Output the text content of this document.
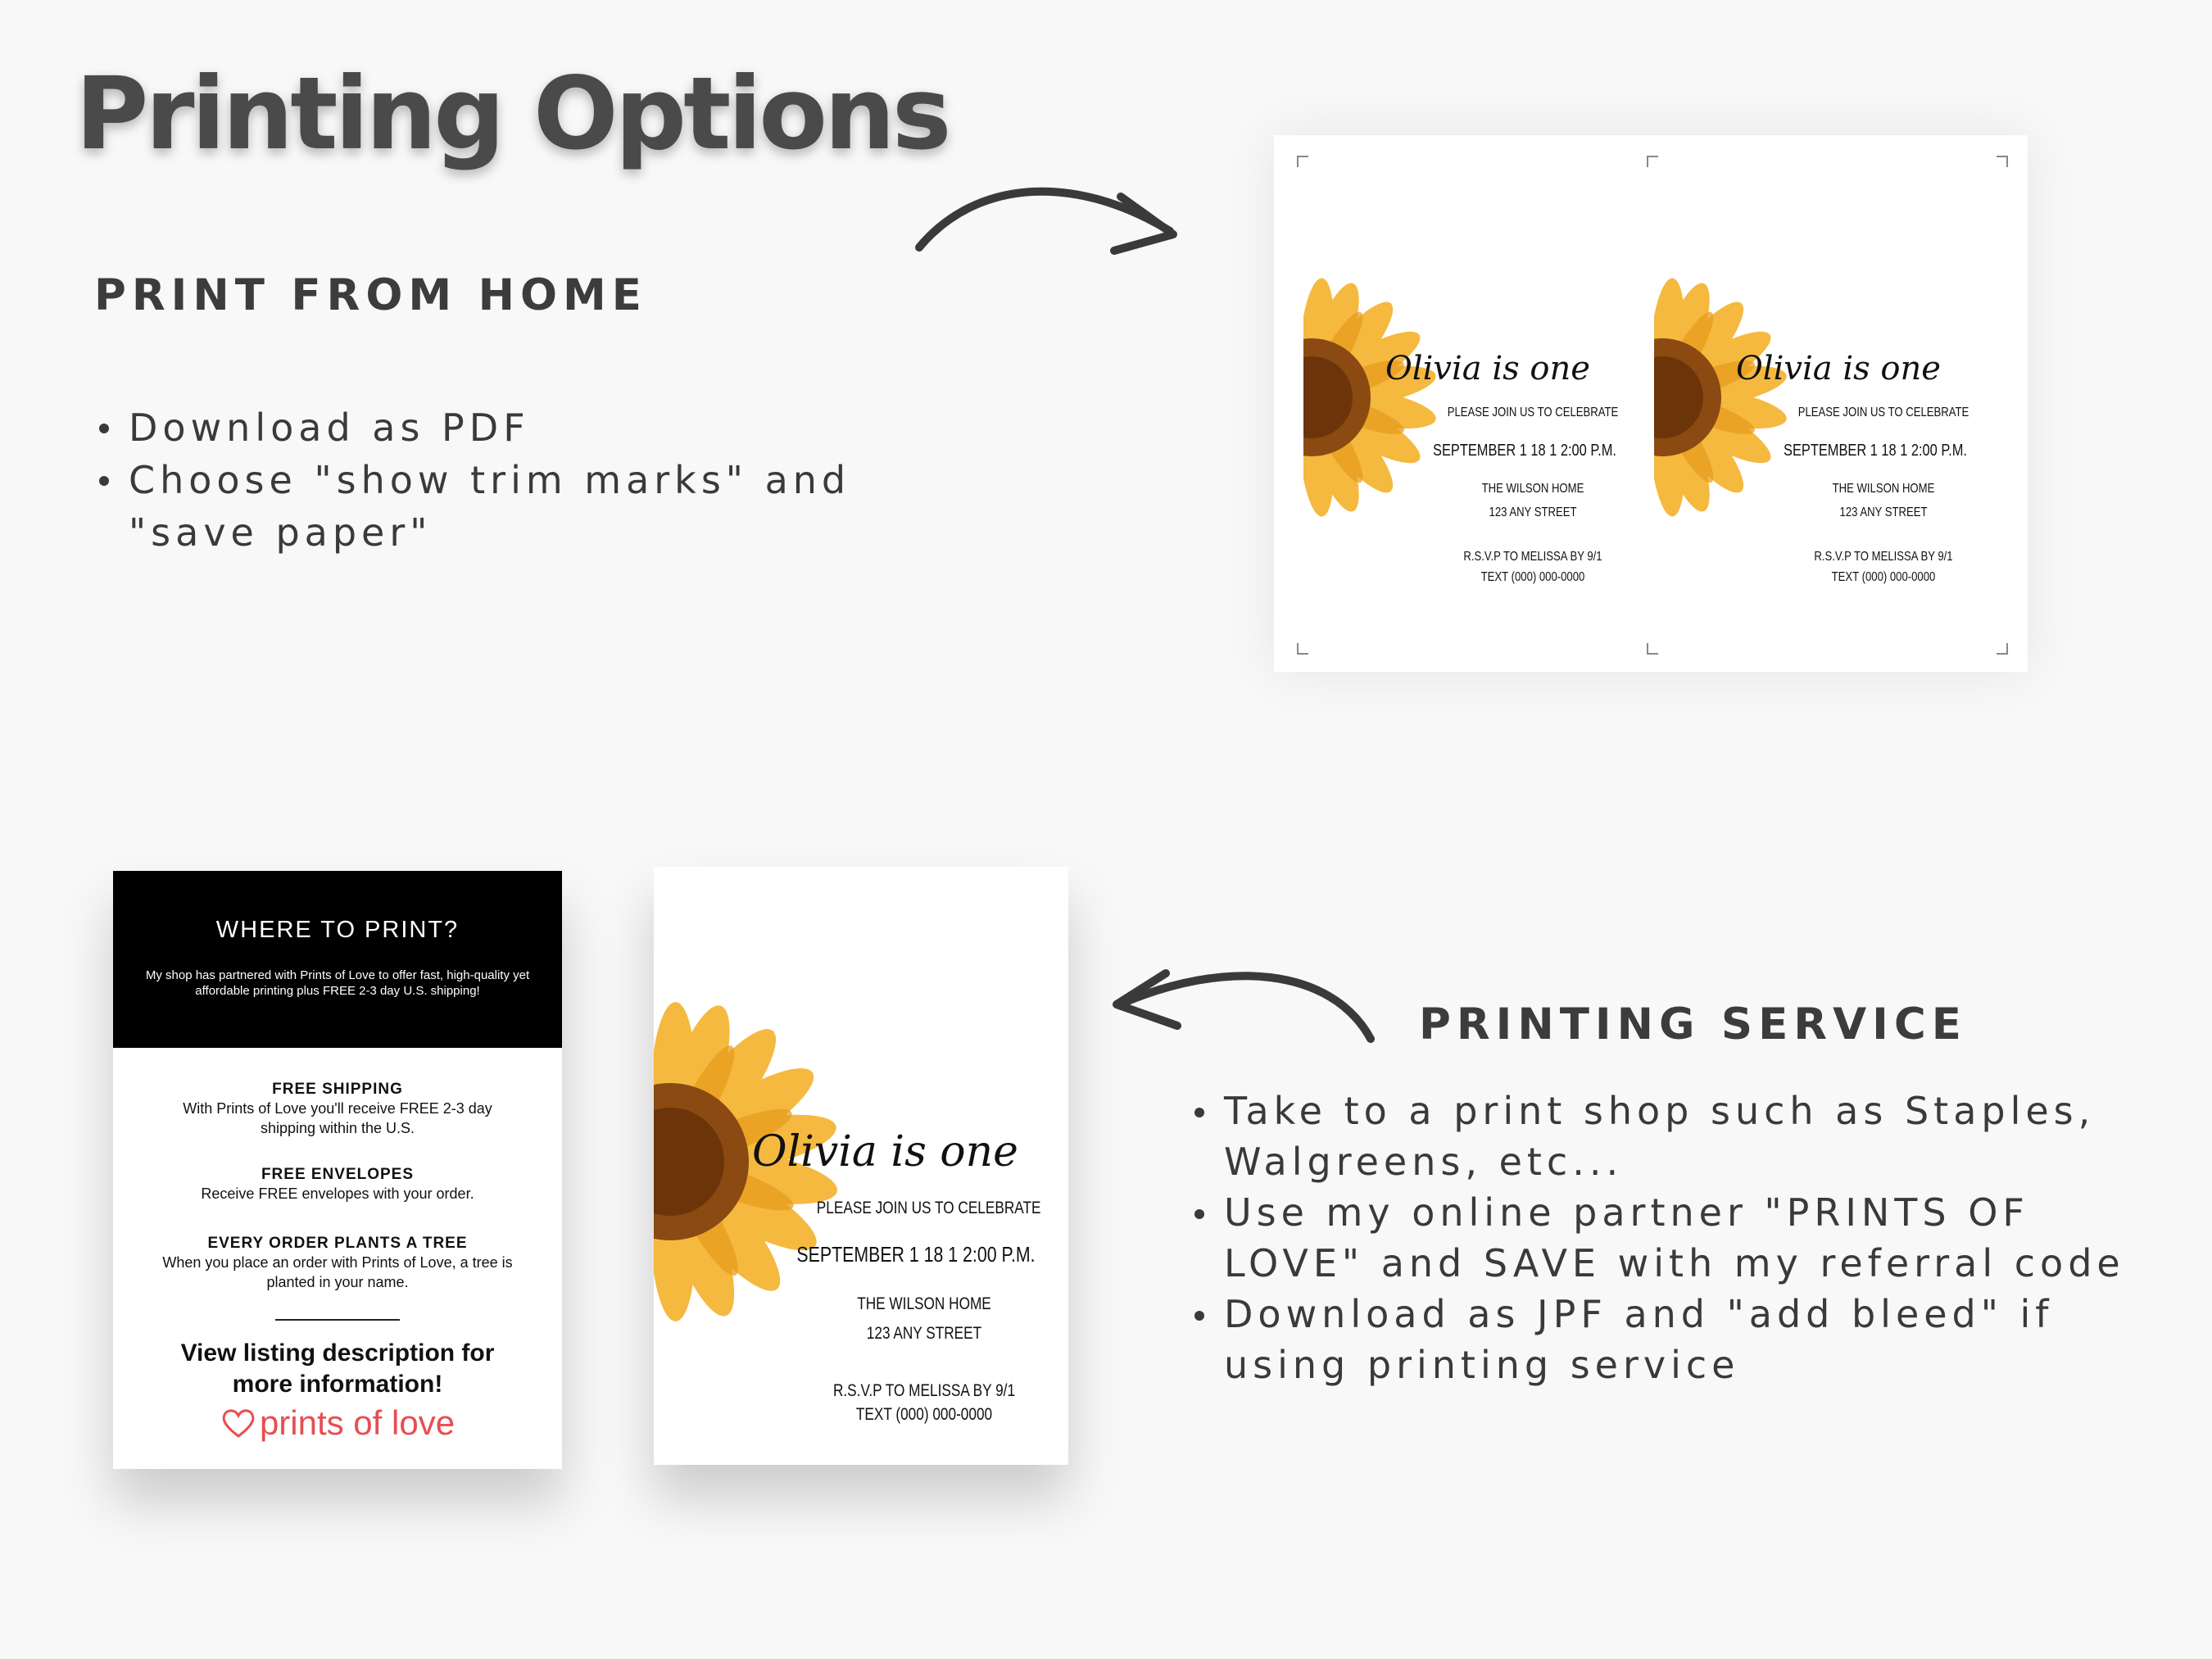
Printing Options
PRINT FROM HOME
Download as PDF
Choose "show trim marks" and "save paper"
Olivia is one
PLEASE JOIN US TO CELEBRATE
SEPTEMBER 1 18 1 2:00 P.M.
THE WILSON HOME
123 ANY STREET
R.S.V.P TO MELISSA BY 9/1
TEXT (000) 000-0000
Olivia is one
PLEASE JOIN US TO CELEBRATE
SEPTEMBER 1 18 1 2:00 P.M.
THE WILSON HOME
123 ANY STREET
R.S.V.P TO MELISSA BY 9/1
TEXT (000) 000-0000
WHERE TO PRINT?
My shop has partnered with Prints of Love to offer fast, high-quality yet affordable printing plus FREE 2-3 day U.S. shipping!
FREE SHIPPING
With Prints of Love you'll receive FREE 2-3 day shipping within the U.S.
FREE ENVELOPES
Receive FREE envelopes with your order.
EVERY ORDER PLANTS A TREE
When you place an order with Prints of Love, a tree is planted in your name.
View listing description for more information!
prints of love
Olivia is one
PLEASE JOIN US TO CELEBRATE
SEPTEMBER 1 18 1 2:00 P.M.
THE WILSON HOME
123 ANY STREET
R.S.V.P TO MELISSA BY 9/1
TEXT (000) 000-0000
PRINTING SERVICE
Take to a print shop such as Staples, Walgreens, etc...
Use my online partner "PRINTS OF LOVE" and SAVE with my referral code
Download as JPF and "add bleed" if using printing service
